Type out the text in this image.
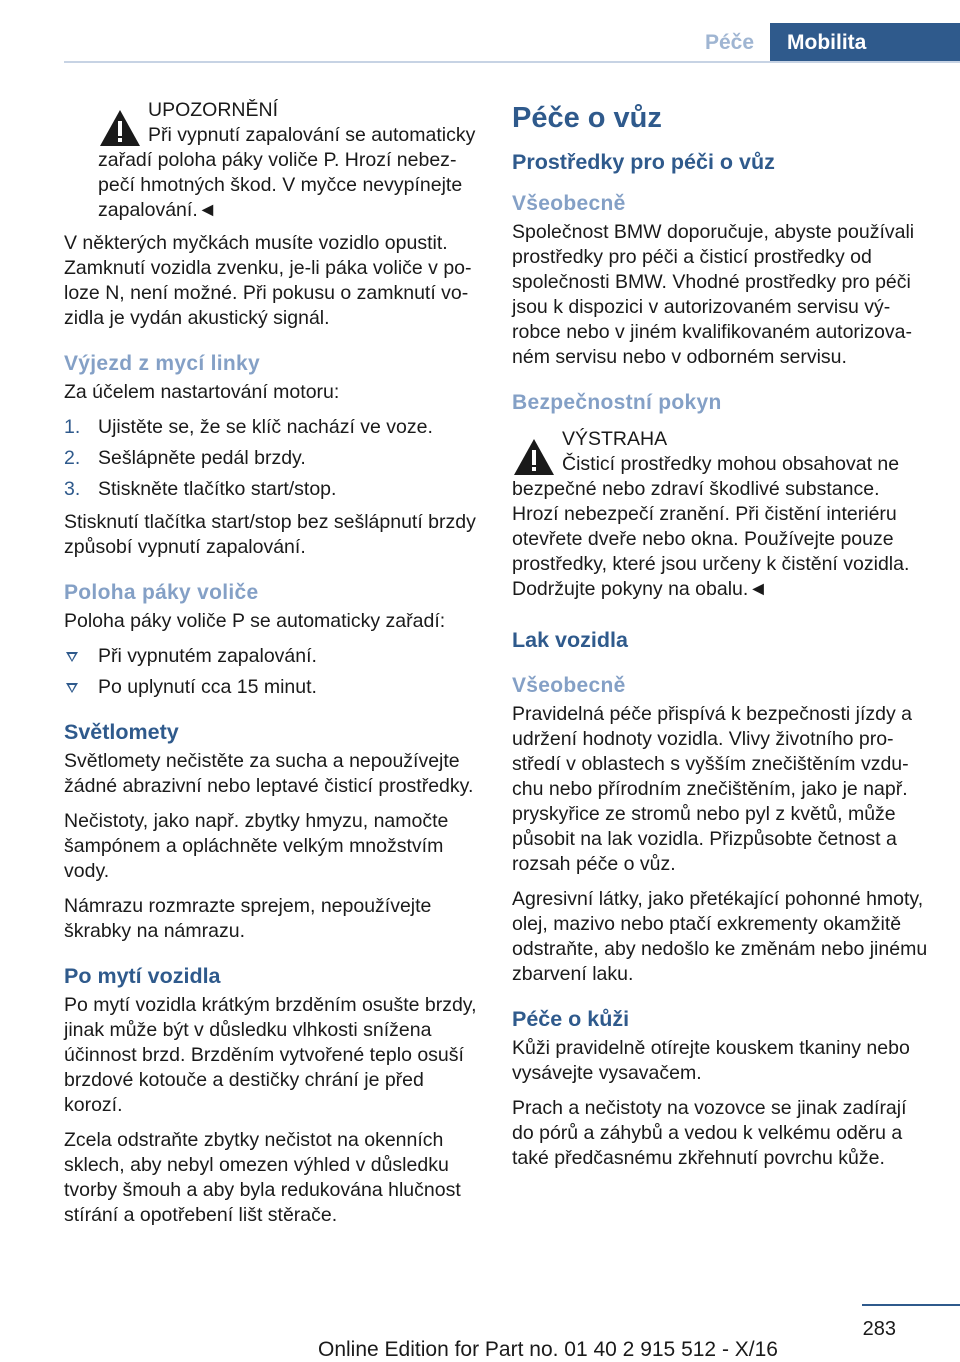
Péče	Mobilita
UPOZORNĚNÍ
Při vypnutí zapalování se automaticky
zařadí poloha páky voliče P. Hrozí nebezpečí hmotných škod. V myčce nevypínejte zapalování.◄

V některých myčkách musíte vozidlo opustit. Zamknutí vozidla zvenku, je-li páka voliče v poloze N, není možné. Při pokusu o zamknutí vozidla je vydán akustický signál.

Výjezd z mycí linky

Za účelem nastartování motoru:

1. Ujistěte se, že se klíč nachází ve voze.
2. Sešlápněte pedál brzdy.
3. Stiskněte tlačítko start/stop.

Stisknutí tlačítka start/stop bez sešlápnutí brzdy způsobí vypnutí zapalování.

Poloha páky voliče

Poloha páky voliče P se automaticky zařadí:

Při vypnutém zapalování.
Po uplynutí cca 15 minut.
Světlomety

Světlomety nečistěte za sucha a nepoužívejte žádné abrazivní nebo leptavé čisticí prostředky.

Nečistoty, jako např. zbytky hmyzu, namočte šampónem a opláchněte velkým množstvím vody.

Námrazu rozmrazte sprejem, nepoužívejte škrabky na námrazu.

Po mytí vozidla

Po mytí vozidla krátkým brzděním osušte brzdy, jinak může být v důsledku vlhkosti snížena účinnost brzd. Brzděním vytvořené teplo osuší brzdové kotouče a destičky chrání je před korozí.

Zcela odstraňte zbytky nečistot na okenních sklech, aby nebyl omezen výhled v důsledku tvorby šmouh a aby byla redukována hlučnost stírání a opotřebení lišt stěrače.

Péče o vůz
Prostředky pro péči o vůz
Všeobecně

Společnost BMW doporučuje, abyste používali prostředky pro péči a čisticí prostředky od společnosti BMW. Vhodné prostředky pro péči jsou k dispozici v autorizovaném servisu výrobce nebo v jiném kvalifikovaném autorizovaném servisu nebo v odborném servisu.

Bezpečnostní pokyn
VÝSTRAHA
Čisticí prostředky mohou obsahovat ne
bezpečné nebo zdraví škodlivé substance. Hrozí nebezpečí zranění. Při čistění interiéru otevřete dveře nebo okna. Používejte pouze prostředky, které jsou určeny k čistění vozidla. Dodržujte pokyny na obalu.◄
Lak vozidla
Všeobecně

Pravidelná péče přispívá k bezpečnosti jízdy a udržení hodnoty vozidla. Vlivy životního prostředí v oblastech s vyšším znečištěním vzduchu nebo přírodním znečištěním, jako je např. pryskyřice ze stromů nebo pyl z květů, může působit na lak vozidla. Přizpůsobte četnost a rozsah péče o vůz.

Agresivní látky, jako přetékající pohonné hmoty, olej, mazivo nebo ptačí exkrementy okamžitě odstraňte, aby nedošlo ke změnám nebo jinému zbarvení laku.

Péče o kůži

Kůži pravidelně otírejte kouskem tkaniny nebo vysávejte vysavačem.

Prach a nečistoty na vozovce se jinak zadírají do pórů a záhybů a vedou k velkému oděru a také předčasnému zkřehnutí povrchu kůže.

283
Online Edition for Part no. 01 40 2 915 512 - X/16
